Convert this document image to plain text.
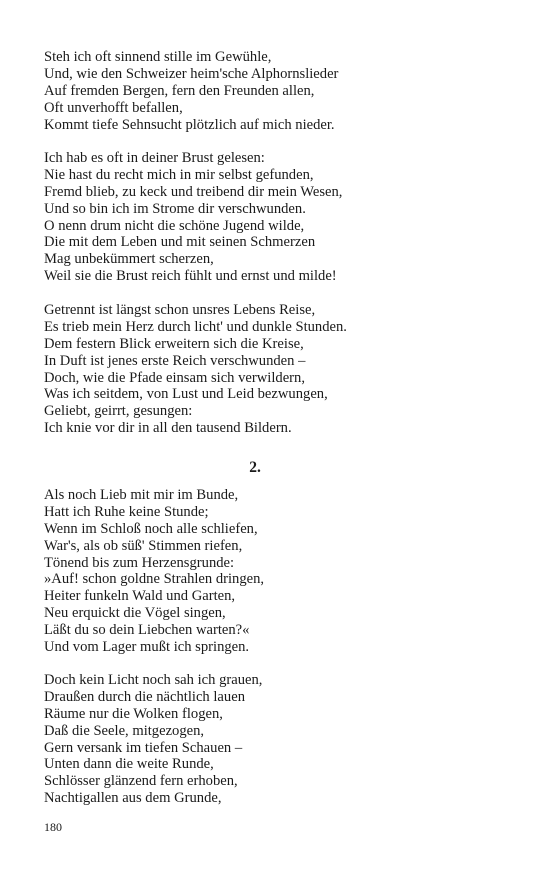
Steh ich oft sinnend stille im Gewühle,
Und, wie den Schweizer heim'sche Alphornslieder
Auf fremden Bergen, fern den Freunden allen,
Oft unverhofft befallen,
Kommt tiefe Sehnsucht plötzlich auf mich nieder.
Ich hab es oft in deiner Brust gelesen:
Nie hast du recht mich in mir selbst gefunden,
Fremd blieb, zu keck und treibend dir mein Wesen,
Und so bin ich im Strome dir verschwunden.
O nenn drum nicht die schöne Jugend wilde,
Die mit dem Leben und mit seinen Schmerzen
Mag unbekümmert scherzen,
Weil sie die Brust reich fühlt und ernst und milde!
Getrennt ist längst schon unsres Lebens Reise,
Es trieb mein Herz durch licht' und dunkle Stunden.
Dem festern Blick erweitern sich die Kreise,
In Duft ist jenes erste Reich verschwunden –
Doch, wie die Pfade einsam sich verwildern,
Was ich seitdem, von Lust und Leid bezwungen,
Geliebt, geirrt, gesungen:
Ich knie vor dir in all den tausend Bildern.
2.
Als noch Lieb mit mir im Bunde,
Hatt ich Ruhe keine Stunde;
Wenn im Schloß noch alle schliefen,
War's, als ob süß' Stimmen riefen,
Tönend bis zum Herzensgrunde:
»Auf! schon goldne Strahlen dringen,
Heiter funkeln Wald und Garten,
Neu erquickt die Vögel singen,
Läßt du so dein Liebchen warten?«
Und vom Lager mußt ich springen.
Doch kein Licht noch sah ich grauen,
Draußen durch die nächtlich lauen
Räume nur die Wolken flogen,
Daß die Seele, mitgezogen,
Gern versank im tiefen Schauen –
Unten dann die weite Runde,
Schlösser glänzend fern erhoben,
Nachtigallen aus dem Grunde,
180
